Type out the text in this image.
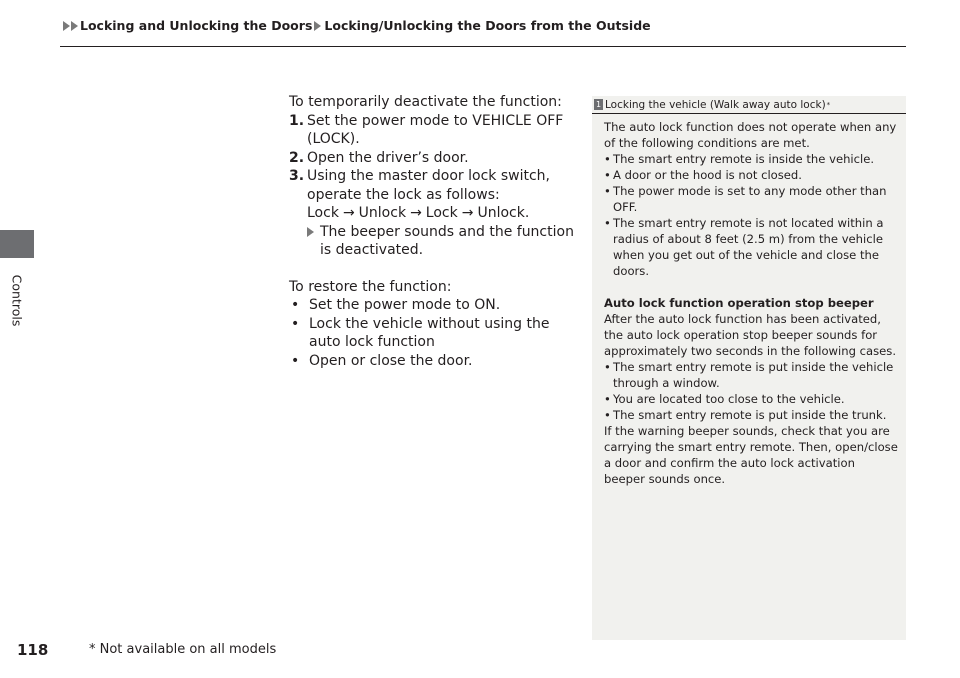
Locking and Unlocking the Doors Locking/Unlocking the Doors from the Outside
Controls

To temporarily deactivate the function:

1. Set the power mode to VEHICLE OFF (LOCK).
2. Open the driver’s door.
3. Using the master door lock switch, operate the lock as follows:
Lock → Unlock → Lock → Unlock.
The beeper sounds and the function is deactivated.

To restore the function:

• Set the power mode to ON.
• Lock the vehicle without using the auto lock function
• Open or close the door.
1 Locking the vehicle (Walk away auto lock) *

The auto lock function does not operate when any of the following conditions are met.

• The smart entry remote is inside the vehicle.
• A door or the hood is not closed.
• The power mode is set to any mode other than OFF.
• The smart entry remote is not located within a radius of about 8 feet (2.5 m) from the vehicle when you get out of the vehicle and close the doors.

Auto lock function operation stop beeper

After the auto lock function has been activated, the auto lock operation stop beeper sounds for approximately two seconds in the following cases.

• The smart entry remote is put inside the vehicle through a window.
• You are located too close to the vehicle.
• The smart entry remote is put inside the trunk.

If the warning beeper sounds, check that you are carrying the smart entry remote. Then, open/close a door and confirm the auto lock activation beeper sounds once.

118	* Not available on all models
